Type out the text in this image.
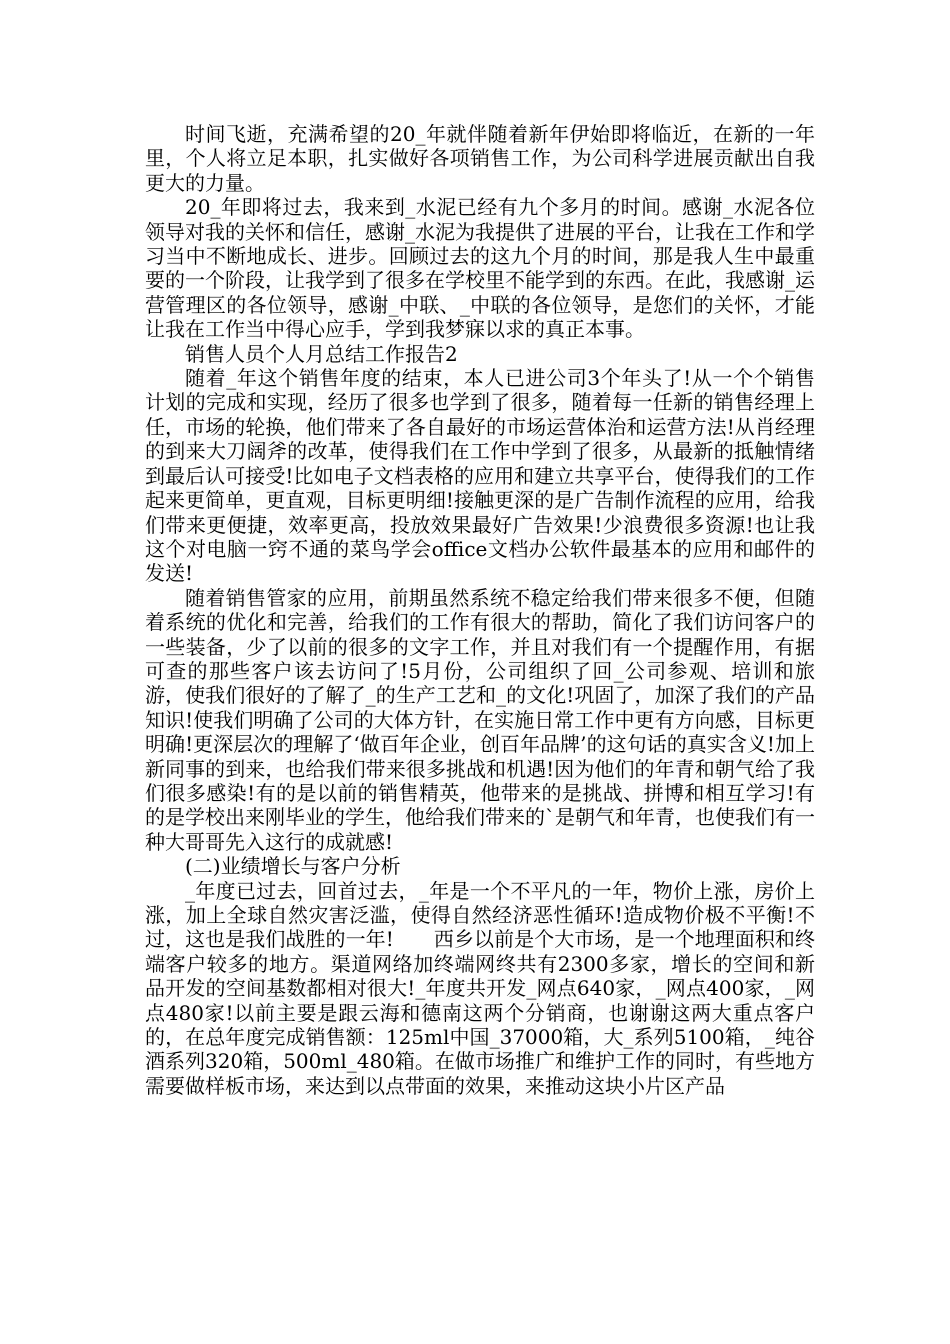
时间飞逝，充满希望的20_年就伴随着新年伊始即将临近，在新的一年里，个人将立足本职，扎实做好各项销售工作，为公司科学进展贡献出自我更大的力量。

20_年即将过去，我来到_水泥已经有九个多月的时间。感谢_水泥各位领导对我的关怀和信任，感谢_水泥为我提供了进展的平台，让我在工作和学习当中不断地成长、进步。回顾过去的这九个月的时间，那是我人生中最重要的一个阶段，让我学到了很多在学校里不能学到的东西。在此，我感谢_运营管理区的各位领导，感谢_中联、_中联的各位领导，是您们的关怀，才能让我在工作当中得心应手，学到我梦寐以求的真正本事。

销售人员个人月总结工作报告2

随着_年这个销售年度的结束，本人已进公司3个年头了!从一个个销售计划的完成和实现，经历了很多也学到了很多，随着每一任新的销售经理上任，市场的轮换，他们带来了各自最好的市场运营体治和运营方法!从肖经理的到来大刀阔斧的改革，使得我们在工作中学到了很多，从最新的抵触情绪到最后认可接受!比如电子文档表格的应用和建立共享平台，使得我们的工作起来更简单，更直观，目标更明细!接触更深的是广告制作流程的应用，给我们带来更便捷，效率更高，投放效果最好广告效果!少浪费很多资源!也让我这个对电脑一窍不通的菜鸟学会office文档办公软件最基本的应用和邮件的发送!

随着销售管家的应用，前期虽然系统不稳定给我们带来很多不便，但随着系统的优化和完善，给我们的工作有很大的帮助，简化了我们访问客户的一些装备，少了以前的很多的文字工作，并且对我们有一个提醒作用，有据可查的那些客户该去访问了!5月份，公司组织了回_公司参观、培训和旅游，使我们很好的了解了_的生产工艺和_的文化!巩固了，加深了我们的产品知识!使我们明确了公司的大体方针，在实施日常工作中更有方向感，目标更明确!更深层次的理解了‘做百年企业，创百年品牌’的这句话的真实含义!加上新同事的到来，也给我们带来很多挑战和机遇!因为他们的年青和朝气给了我们很多感染!有的是以前的销售精英，他带来的是挑战、拼博和相互学习!有的是学校出来刚毕业的学生，他给我们带来的`是朝气和年青，也使我们有一种大哥哥先入这行的成就感!

(二)业绩增长与客户分析

_年度已过去，回首过去，_年是一个不平凡的一年，物价上涨，房价上涨，加上全球自然灾害泛滥，使得自然经济恶性循环!造成物价极不平衡!不过，这也是我们战胜的一年!　　西乡以前是个大市场，是一个地理面积和终端客户较多的地方。渠道网络加终端网终共有2300多家，增长的空间和新品开发的空间基数都相对很大!_年度共开发_网点640家，_网点400家，_网点480家!以前主要是跟云海和德南这两个分销商，也谢谢这两大重点客户的，在总年度完成销售额：125ml中国_37000箱，大_系列5100箱，_纯谷酒系列320箱，500ml_480箱。在做市场推广和维护工作的同时，有些地方需要做样板市场，来达到以点带面的效果，来推动这块小片区产品
